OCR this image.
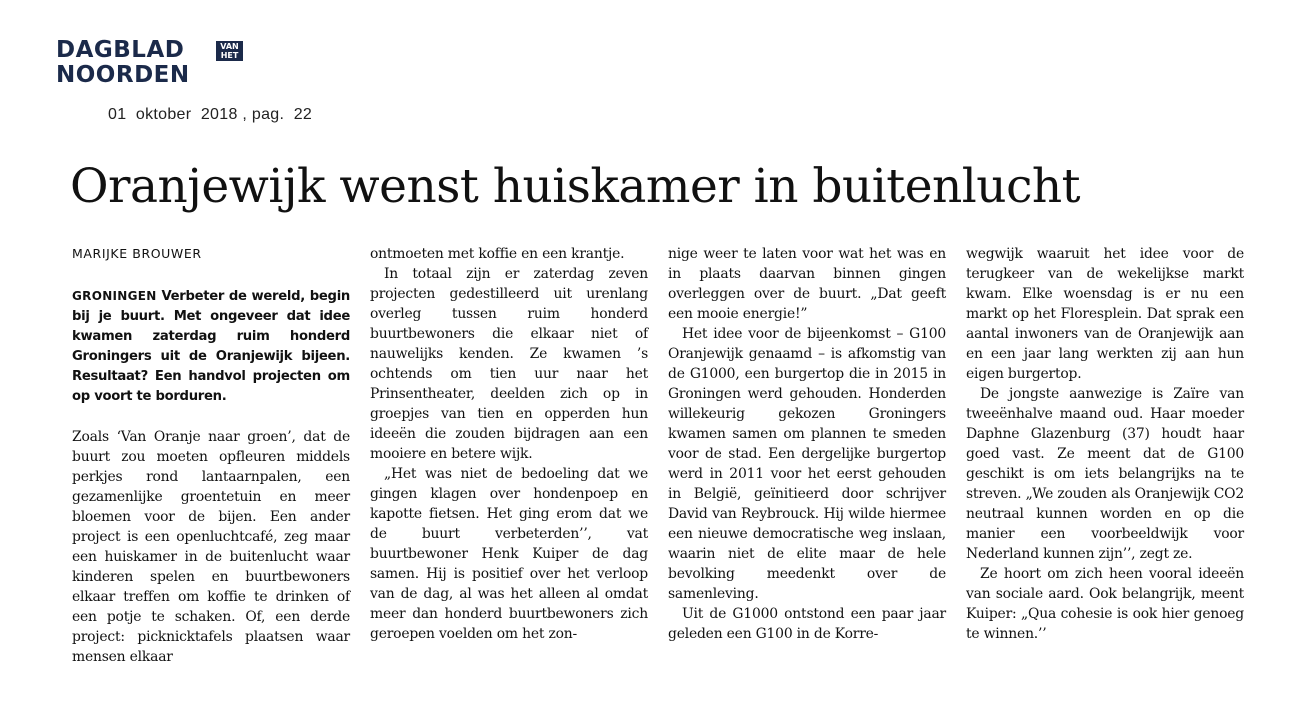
DAGBLAD
NOORDEN
VAN
HET
01  oktober  2018 , pag.  22
Oranjewijk wenst huiskamer in buitenlucht

MARIJKE BROUWER

GRONINGEN Verbeter de wereld, begin bij je buurt. Met ongeveer dat idee kwamen zaterdag ruim honderd Groningers uit de Oranjewijk bijeen. Resultaat? Een handvol projecten om op voort te borduren.

Zoals ‘Van Oranje naar groen’, dat de buurt zou moeten opfleuren middels perkjes rond lantaarnpalen, een gezamenlijke groentetuin en meer bloemen voor de bijen. Een ander project is een openluchtcafé, zeg maar een huiskamer in de buitenlucht waar kinderen spelen en buurtbewoners elkaar treffen om koffie te drinken of een potje te schaken. Of, een derde project: picknicktafels plaatsen waar mensen elkaar

ontmoeten met koffie en een krantje.

In totaal zijn er zaterdag zeven projecten gedestilleerd uit urenlang overleg tussen ruim honderd buurtbewoners die elkaar niet of nauwelijks kenden. Ze kwamen ’s ochtends om tien uur naar het Prinsentheater, deelden zich op in groepjes van tien en opperden hun ideeën die zouden bijdragen aan een mooiere en betere wijk.

„Het was niet de bedoeling dat we gingen klagen over hondenpoep en kapotte fietsen. Het ging erom dat we de buurt verbeterden’’, vat buurtbewoner Henk Kuiper de dag samen. Hij is positief over het verloop van de dag, al was het alleen al omdat meer dan honderd buurtbewoners zich geroepen voelden om het zon-

nige weer te laten voor wat het was en in plaats daarvan binnen gingen overleggen over de buurt. „Dat geeft een mooie energie!”

Het idee voor de bijeenkomst – G100 Oranjewijk genaamd – is afkomstig van de G1000, een burgertop die in 2015 in Groningen werd gehouden. Honderden willekeurig gekozen Groningers kwamen samen om plannen te smeden voor de stad. Een dergelijke burgertop werd in 2011 voor het eerst gehouden in België, geïnitieerd door schrijver David van Reybrouck. Hij wilde hiermee een nieuwe democratische weg inslaan, waarin niet de elite maar de hele bevolking meedenkt over de samenleving.

Uit de G1000 ontstond een paar jaar geleden een G100 in de Korre-

wegwijk waaruit het idee voor de terugkeer van de wekelijkse markt kwam. Elke woensdag is er nu een markt op het Floresplein. Dat sprak een aantal inwoners van de Oranjewijk aan en een jaar lang werkten zij aan hun eigen burgertop.

De jongste aanwezige is Zaïre van tweeënhalve maand oud. Haar moeder Daphne Glazenburg (37) houdt haar goed vast. Ze meent dat de G100 geschikt is om iets belangrijks na te streven. „We zouden als Oranjewijk CO2 neutraal kunnen worden en op die manier een voorbeeldwijk voor Nederland kunnen zijn’’, zegt ze.

Ze hoort om zich heen vooral ideeën van sociale aard. Ook belangrijk, meent Kuiper: „Qua cohesie is ook hier genoeg te winnen.’’
